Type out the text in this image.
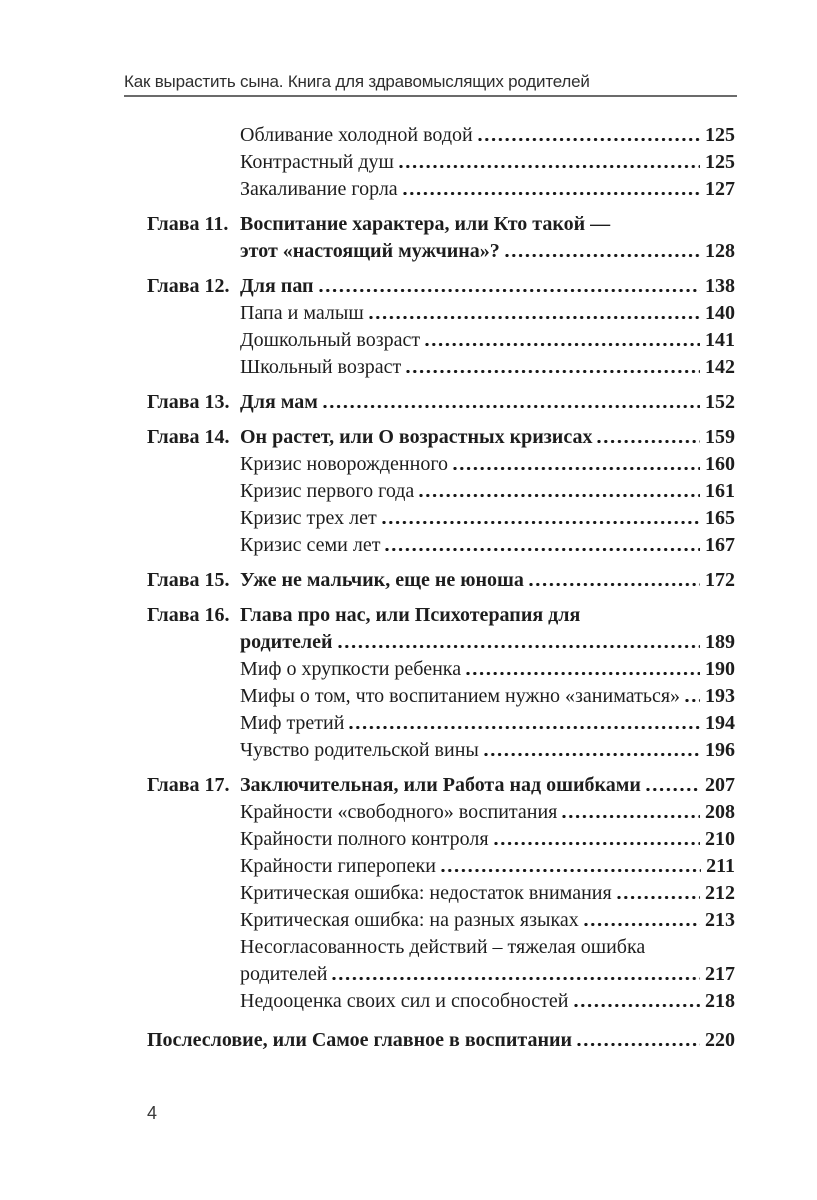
Как вырастить сына. Книга для здравомыслящих родителей
Обливание холодной водой	125
Контрастный душ	125
Закаливание горла	127
Глава 11. Воспитание характера, или Кто такой —
этот «настоящий мужчина»?	128
Глава 12. Для пап	138
Папа и малыш	140
Дошкольный возраст	141
Школьный возраст	142
Глава 13. Для мам	152
Глава 14. Он растет, или О возрастных кризисах	159
Кризис новорожденного	160
Кризис первого года	161
Кризис трех лет	165
Кризис семи лет	167
Глава 15. Уже не мальчик, еще не юноша	172
Глава 16. Глава про нас, или Психотерапия для
родителей	189
Миф о хрупкости ребенка	190
Мифы о том, что воспитанием нужно «заниматься» 193
Миф третий	194
Чувство родительской вины	196
Глава 17. Заключительная, или Работа над ошибками	207
Крайности «свободного» воспитания	208
Крайности полного контроля	210
Крайности гиперопеки	211
Критическая ошибка: недостаток внимания	212
Критическая ошибка: на разных языках	213
Несогласованность действий – тяжелая ошибка
родителей	217
Недооценка своих сил и способностей	218
Послесловие, или Самое главное в воспитании	220
4
